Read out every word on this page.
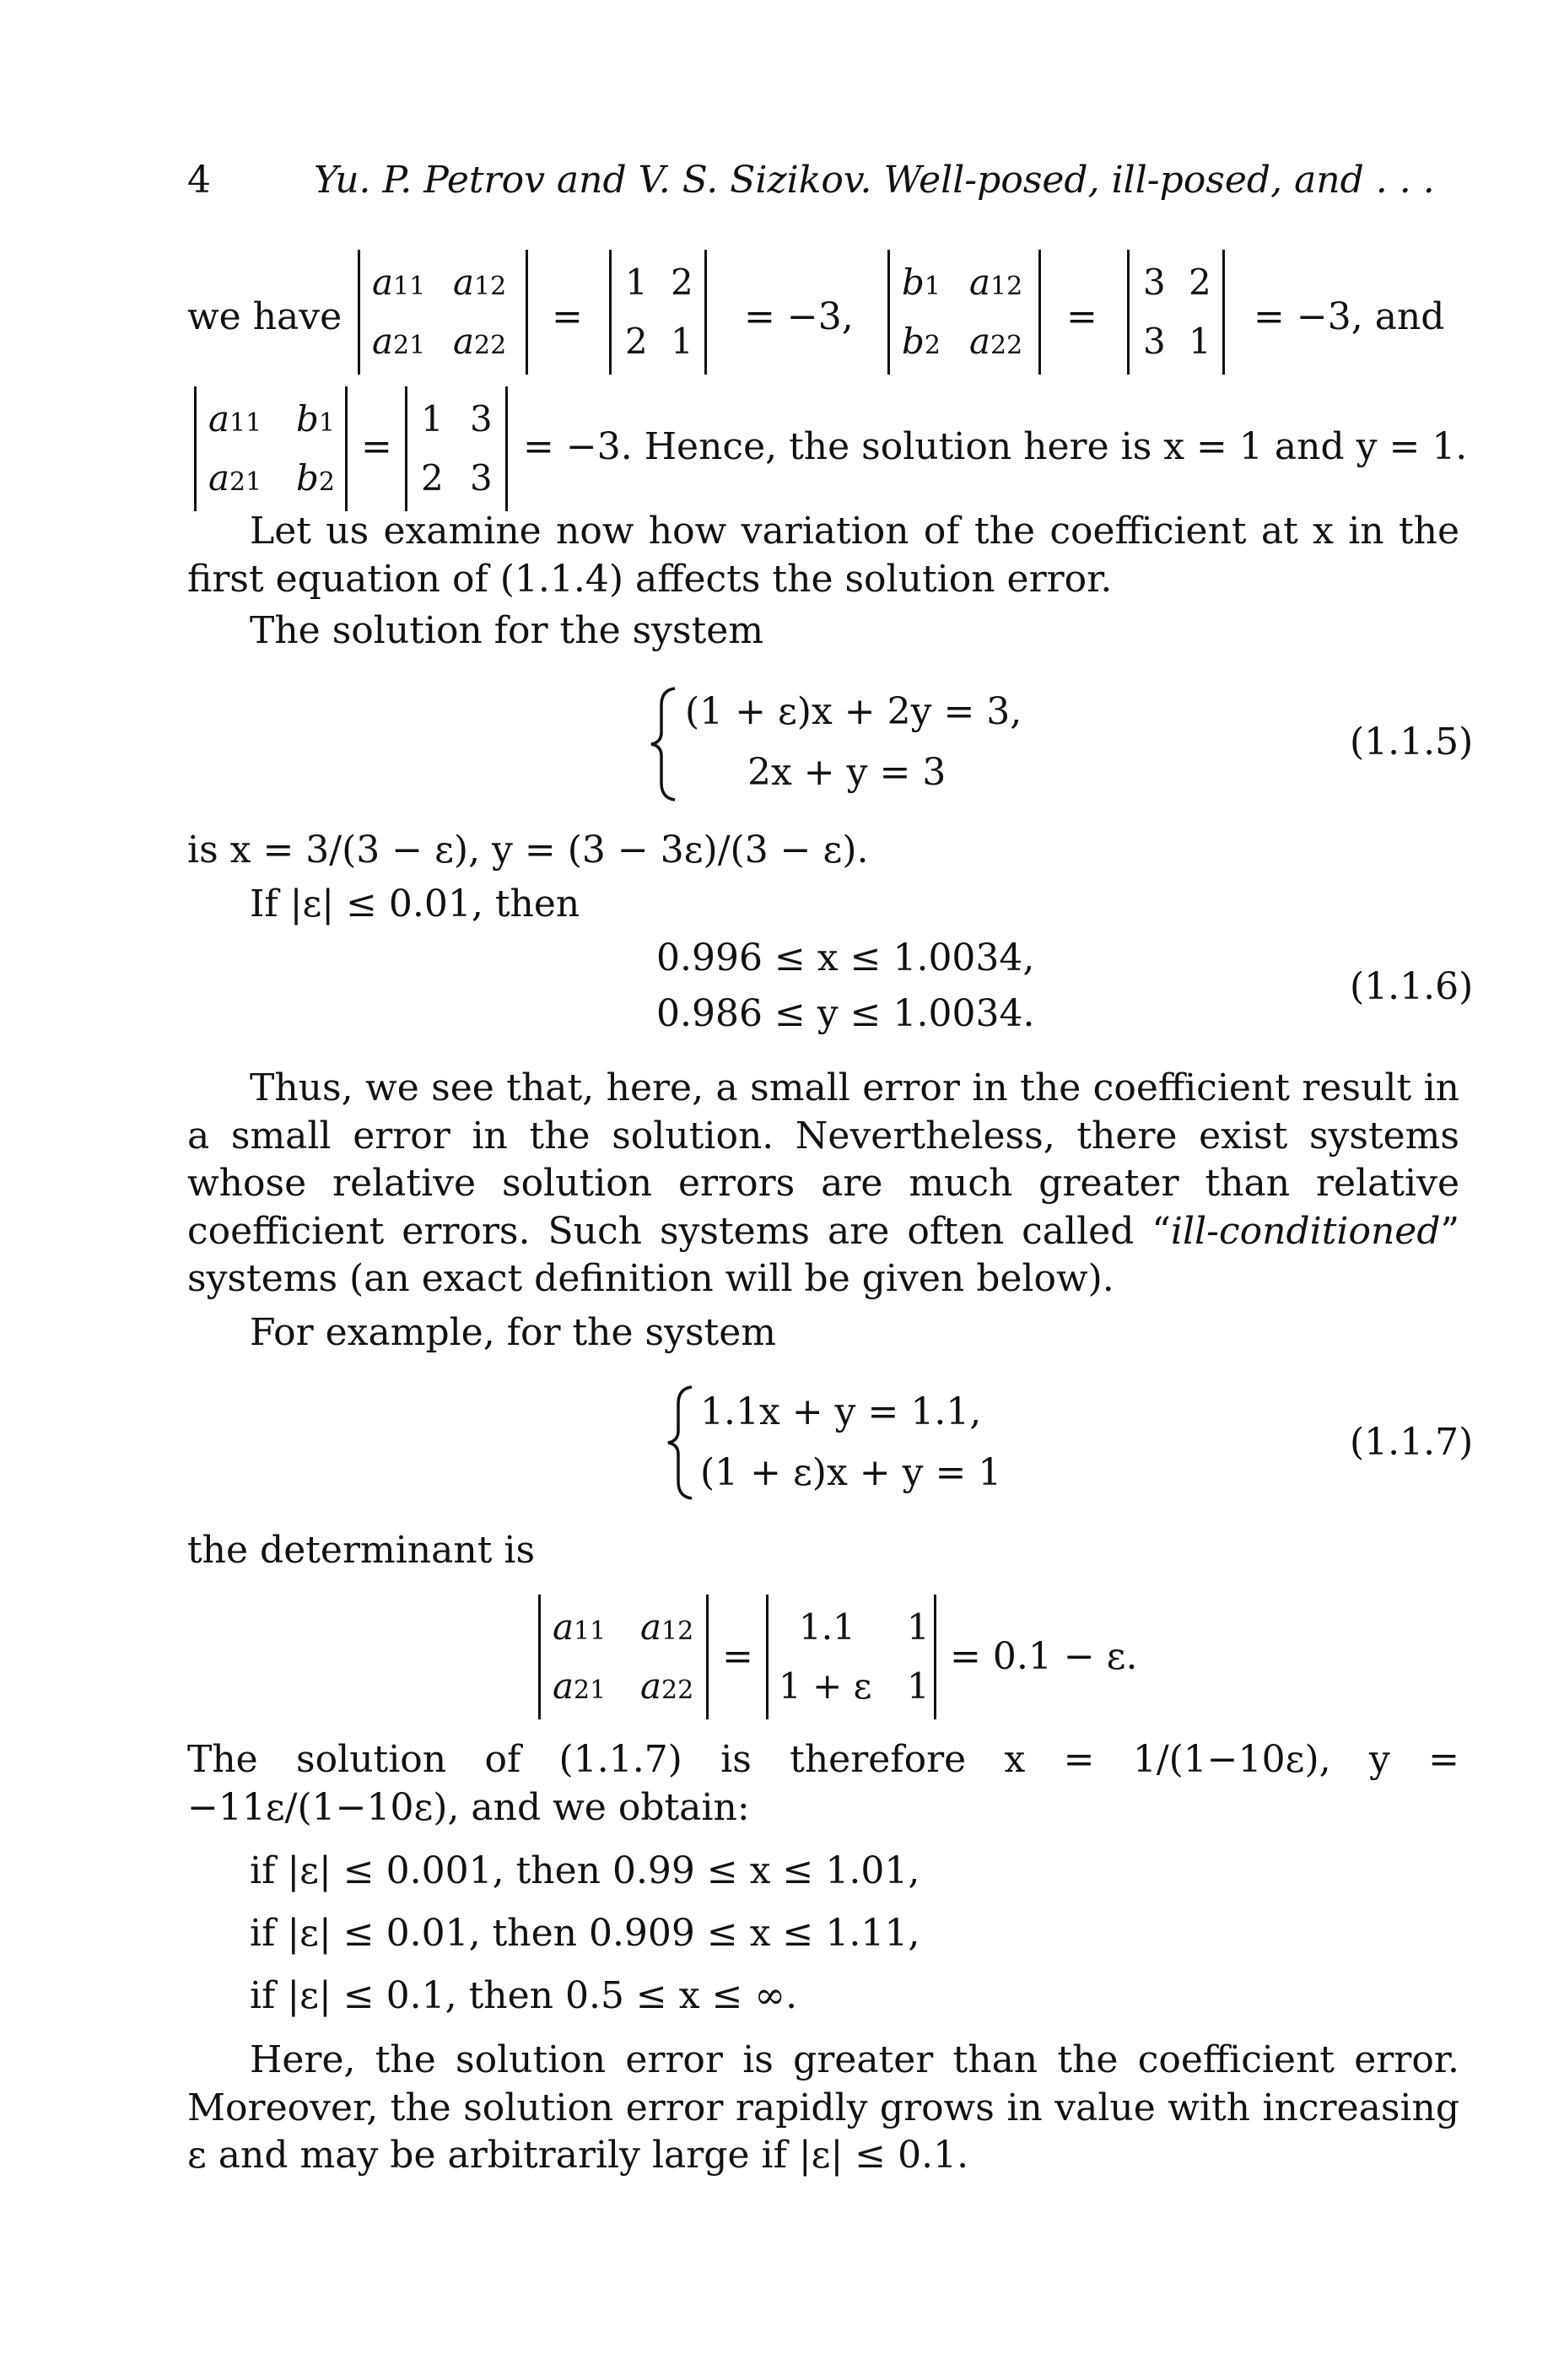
4	Yu. P. Petrov and V. S. Sizikov. Well-posed, ill-posed, and . . .
we have
a11 a12
a21 a22
=
1 2
2 1
= −3,
b1 a12
b2 a22
=
3 2
3 1
= −3, and
a11 b1
a21 b2
=
1 3
2 3
= −3. Hence, the solution here is x = 1 and y = 1.
Let us examine now how variation of the coefficient at x in the first equation of (1.1.4) affects the solution error.
The solution for the system
(1 + ε)x + 2y = 3,
2x + y = 3
(1.1.5)
is x = 3/(3 − ε), y = (3 − 3ε)/(3 − ε).
If |ε| ≤ 0.01, then
0.996 ≤ x ≤ 1.0034,
0.986 ≤ y ≤ 1.0034.
(1.1.6)
Thus, we see that, here, a small error in the coefficient result in a small error in the solution. Nevertheless, there exist systems whose relative solution errors are much greater than relative coefficient errors. Such systems are often called “ill-conditioned” systems (an exact definition will be given below).
For example, for the system
1.1x + y = 1.1,
(1 + ε)x + y = 1
(1.1.7)
the determinant is
a11 a12
a21 a22
=
1.1 1
1 + ε 1
= 0.1 − ε.
The solution of (1.1.7) is therefore x = 1/(1−10ε), y = −11ε/(1−10ε), and we obtain:
if |ε| ≤ 0.001, then 0.99 ≤ x ≤ 1.01,
if |ε| ≤ 0.01, then 0.909 ≤ x ≤ 1.11,
if |ε| ≤ 0.1, then 0.5 ≤ x ≤ ∞.
Here, the solution error is greater than the coefficient error. Moreover, the solution error rapidly grows in value with increasing ε and may be arbitrarily large if |ε| ≤ 0.1.
